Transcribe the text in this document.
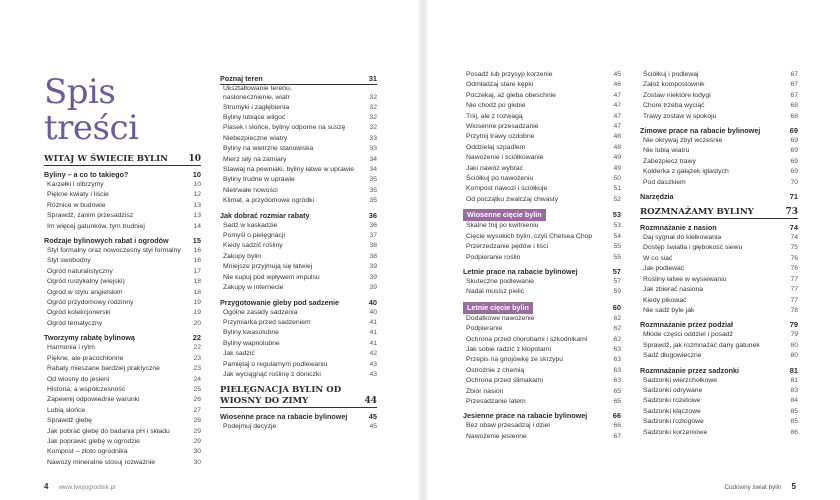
Spis treści
WITAJ W ŚWIECIE BYLIN 10
Byliny – a co to takiego?	10
Karzełki i olbrzymy	10
Piękne kwiaty i liście	12
Różnice w budowie	13
Sprawdź, zanim przesadzisz	13
Im więcej gatunków, tym trudniej	14
Rodzaje bylinowych rabat i ogrodów	15
Styl formalny oraz nowoczesny styl formalny 16
Styl swobodny	16
Ogród naturalistyczny	17
Ogród rustykalny (wiejski)	18
Ogród w stylu angielskim	18
Ogród przydomowy rodzinny	19
Ogród kolekcjonerski	19
Ogród tematyczny	20
Tworzymy rabatę bylinową	22
Harmonia i rytm	22
Piękne, ale pracochłonne	23
Rabaty mieszane bardziej praktyczne	23
Od wiosny do jesieni	24
Historia, a współczesność	25
Zapewnij odpowiednie warunki	26
Lubią słońce	27
Sprawdź glebę	28
Jak pobrać glebę do badania pH i składu	29
Jak poprawić glebę w ogrodzie	29
Kompost – złoto ogrodnika	30
Nawozy mineralne stosuj rozważnie	30
Poznaj teren	31
Ukształtowanie terenu,
nasłonecznienie, wiatr	32
Strumyki i zagłębienia	32
Byliny lubiące wilgoć	32
Piasek i słońce, byliny odporne na suszę	32
Niebezpieczne wiatry	33
Byliny na wietrzne stanowiska	33
Mierz siły na zamiary	34
Stawiaj na pewniaki, byliny łatwe w uprawie 34
Byliny trudne w uprawie	35
Nietrwałe nowości	35
Klimat, a przydomowe ogródki	35
Jak dobrać rozmiar rabaty	36
Sadź w kaskadzie	36
Pomyśl o pielęgnacji	37
Kiedy sadzić rośliny	38
Zakupy bylin	38
Mniejsze przyjmują się łatwiej	39
Nie kupuj pod wpływem impulsu	39
Zakupy w internecie	39
Przygotowanie gleby pod sadzenie	40
Ogólne zasady sadzenia	40
Przymiarka przed sadzeniem	41
Byliny kwasolubne	41
Byliny wapnolubne	41
Jak sadzić	42
Pamiętaj o regularnym podlewaniu	43
Jak wyciągnąć roślinę z doniczki	43
PIELĘGNACJA BYLIN OD WIOSNY DO ZIMY	44
Wiosenne prace na rabacie bylinowej	45
Podejmuj decyzje	45
Posadź lub przysyp korzenie	45
Odmładzaj stare kępki	46
Poczekaj, aż gleba obeschnie	47
Nie chodź po glebie	47
Tnij, ale z rozwagą	47
Wiosenne przesadzanie	47
Przytnij trawy ozdobne	48
Oddzielaj szpadlem	48
Nawożenie i ściółkowanie	49
Jaki nawóz wybrać	49
Ściółkuj po nawożeniu	50
Kompost nawozi i ściółkuje	51
Od początku zwalczaj chwasty	52
Wiosenne cięcie bylin	53
Skalne tnij po kwitnieniu	53
Cięcie wysokich bylin, czyli Chelsea Chop	54
Przerzedzanie pędów i liści	55
Podpieranie roślin	55
Letnie prace na rabacie bylinowej	57
Skuteczne podlewanie	57
Nadal musisz pielić	59
Letnie cięcie bylin	60
Dodatkowe nawożenie	62
Podpieranie	62
Ochrona przed chorobami i szkodnikami	62
Jak sobie radzić z kłopotami	63
Przepis na gnojówkę ze skrzypu	63
Ostrożnie z chemią	63
Ochrona przed ślimakami	63
Zbiór nasion	65
Przesadzanie latem	65
Jesienne prace na rabacie bylinowej	66
Bez obaw przesadzaj i dziel	66
Nawożenie jesienne	67
Ściółkuj i podlewaj	67
Założ kompostownik	67
Zostaw niektóre łodygi	67
Chore trzeba wyciąć	68
Trawy zostaw w spokoju	68
Zimowe prace na rabacie bylinowej	69
Nie okrywaj zbyt wcześnie	69
Nie lubią wiatru	69
Zabezpiecz trawy	69
Kołderka z gałązek iglastych	69
Pod daszkiem	70
Narzędzia	71
ROZMNAŻAMY BYLINY	73
Rozmnażanie z nasion	74
Daj sygnał do kiełkowania	74
Dostęp światła i głębokość siewu	75
W co siać	76
Jak podlewać	76
Rośliny łatwe w wysiewaniu	77
Jak zbierać nasiona	77
Kiedy pikować	77
Nie sadź byle jak	78
Rozmnażanie przez podział	79
Młode części oddziel i posadź	79
Sprawdź, jak rozmnażać dany gatunek	80
Sadź długowieczne	80
Rozmnażanie przez sadzonki	81
Sadzonki wierzchołkowe	81
Sadzonki odrywane	83
Sadzonki rozetowe	84
Sadzonki kłączowe	85
Sadzonki rozłogowe	85
Sadzonki korzeniowe	86
4 www.twojogrodnik.pl	Cudowny świat bylin 5
